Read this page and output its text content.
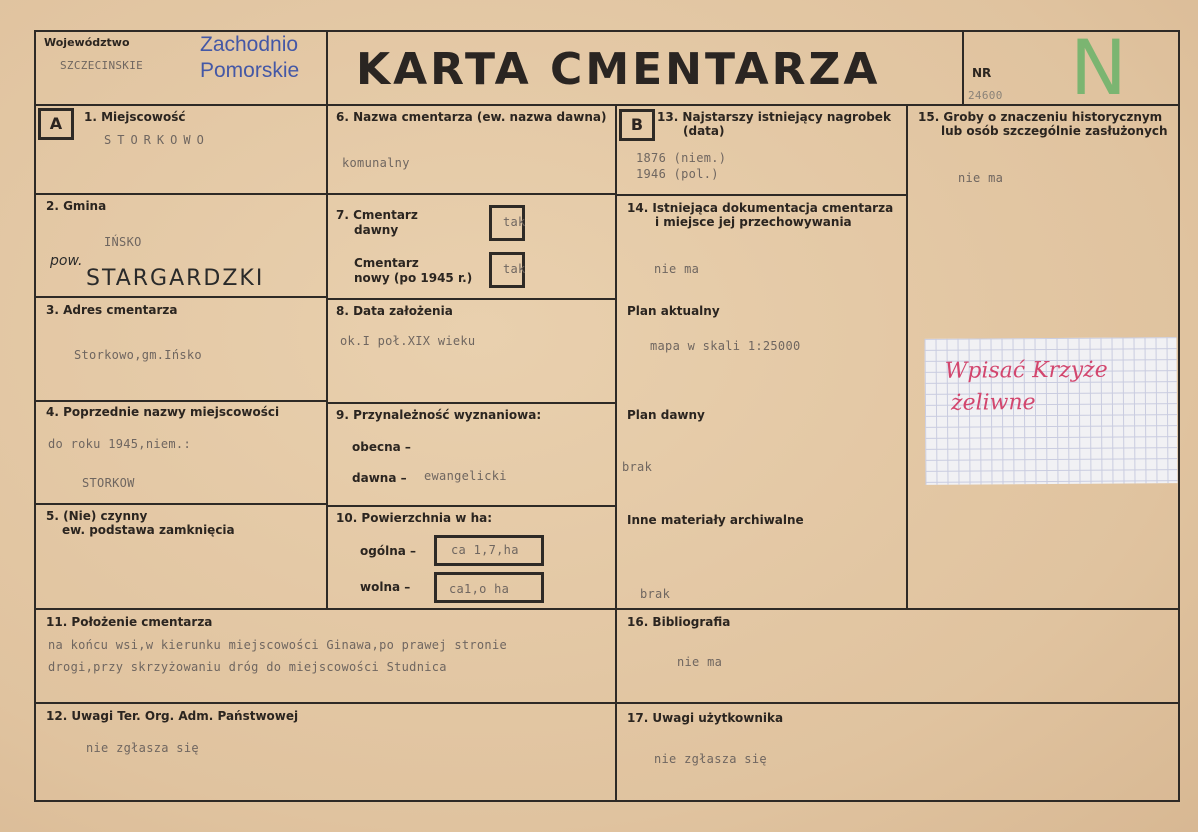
Województwo
SZCZECINSKIE
Zachodnio
Pomorskie KARTA CMENTARZA	NR
24600 N
A	1. Miejscowość
STORKOWO
2. Gmina
IŃSKO
pow.
STARGARDZKI
3. Adres cmentarza
Storkowo,gm.Ińsko
4. Poprzednie nazwy miejscowości
do roku 1945,niem.:
STORKOW
5. (Nie) czynny
ew. podstawa zamknięcia
6. Nazwa cmentarza (ew. nazwa dawna)
komunalny
7. Cmentarz
dawny
tak
Cmentarz
nowy (po 1945 r.)
tak
8. Data założenia
ok.I poł.XIX wieku
9. Przynależność wyznaniowa:
obecna –
dawna – ewangelicki
10. Powierzchnia w ha:
ogólna –	ca 1,7,ha
wolna –	ca1,o ha
B	13. Najstarszy istniejący nagrobek
(data)
1876 (niem.)
1946 (pol.)
14. Istniejąca dokumentacja cmentarza
i miejsce jej przechowywania
nie ma
Plan aktualny
mapa w skali 1:25000
Plan dawny
brak
Inne materiały archiwalne
brak
15. Groby o znaczeniu historycznym
lub osób szczególnie zasłużonych
nie ma
Wpisać Krzyże
żeliwne
11. Położenie cmentarza
na końcu wsi,w kierunku miejscowości Ginawa,po prawej stronie
drogi,przy skrzyżowaniu dróg do miejscowości Studnica
16. Bibliografia
nie ma
12. Uwagi Ter. Org. Adm. Państwowej
nie zgłasza się
17. Uwagi użytkownika
nie zgłasza się
